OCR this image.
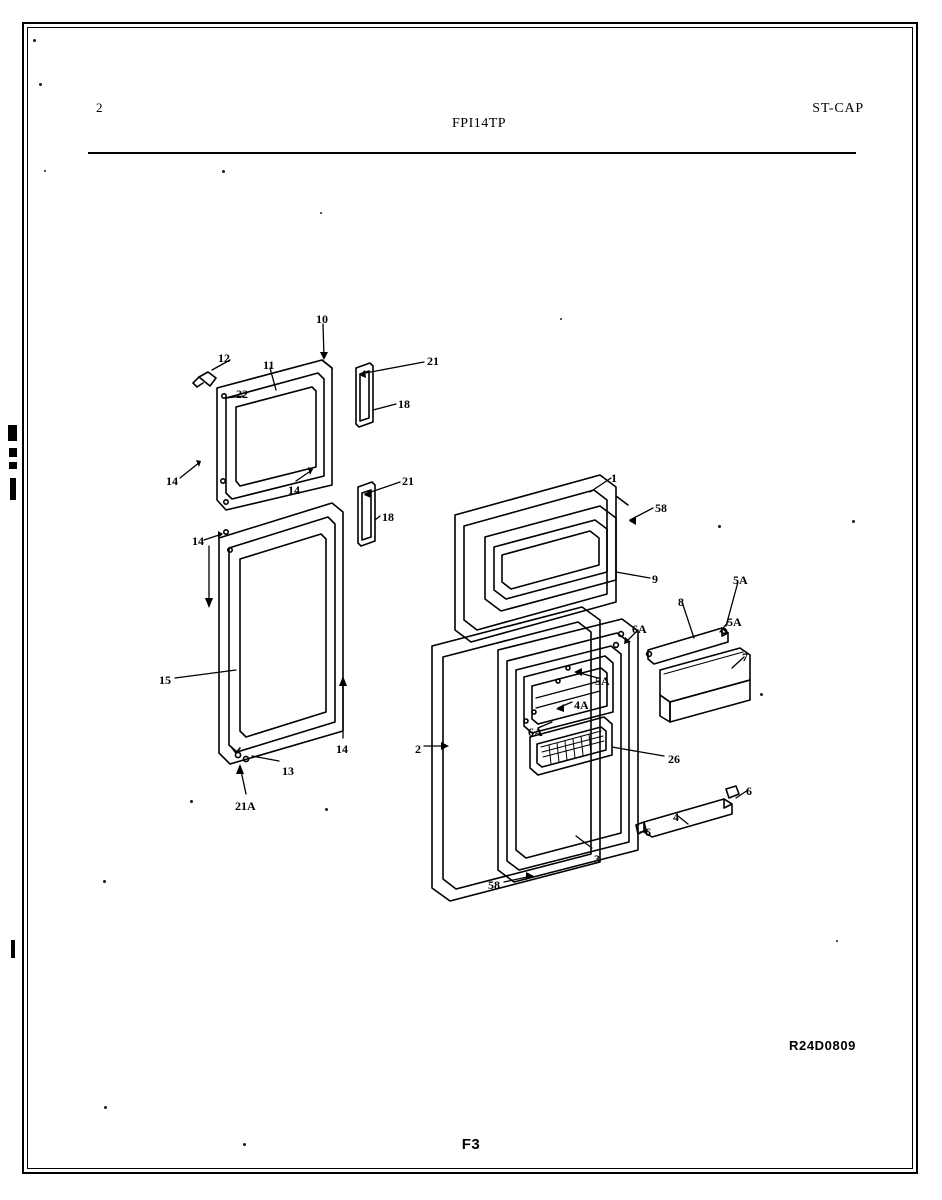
2
FPI14TP
ST-CAP
12	11
10
22
21
18
14
14
21
18
14
15
14
13
21A
1
58
9	5A
8
5A
6A
7
5A
4A
6A
2
26
6
4
6
3
58
R24D0809
F3
